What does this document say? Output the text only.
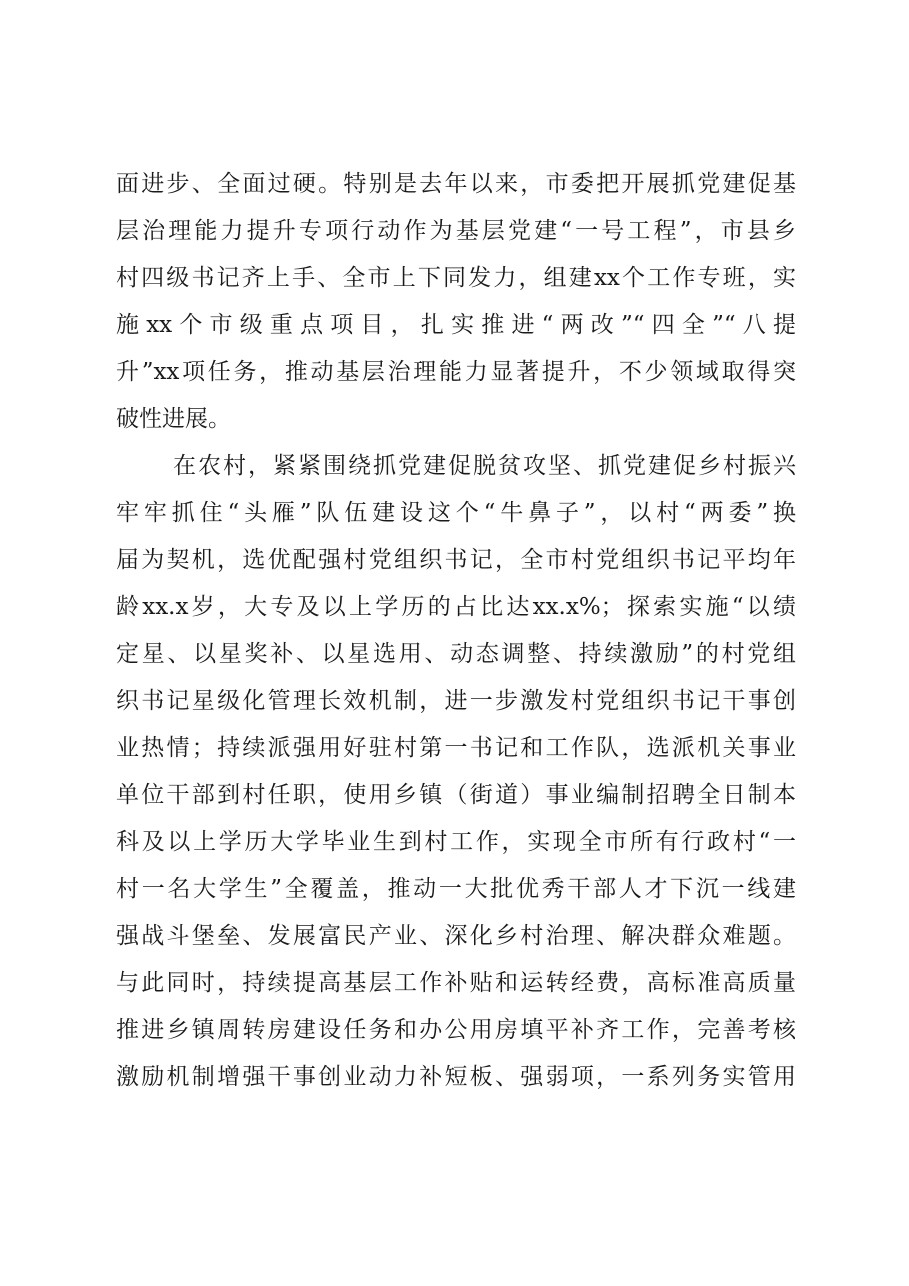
面进步、全面过硬。特别是去年以来，市委把开展抓党建促基
层治理能力提升专项行动作为基层党建“一号工程”，市县乡
村四级书记齐上手、全市上下同发力，组建xx个工作专班，实
施xx个市级重点项目，扎实推进“两改”“四全”“八提
升”xx项任务，推动基层治理能力显著提升，不少领域取得突
破性进展。
在农村，紧紧围绕抓党建促脱贫攻坚、抓党建促乡村振兴
牢牢抓住“头雁”队伍建设这个“牛鼻子”，以村“两委”换
届为契机，选优配强村党组织书记，全市村党组织书记平均年
龄xx.x岁，大专及以上学历的占比达xx.x%；探索实施“以绩
定星、以星奖补、以星选用、动态调整、持续激励”的村党组
织书记星级化管理长效机制，进一步激发村党组织书记干事创
业热情；持续派强用好驻村第一书记和工作队，选派机关事业
单位干部到村任职，使用乡镇（街道）事业编制招聘全日制本
科及以上学历大学毕业生到村工作，实现全市所有行政村“一
村一名大学生”全覆盖，推动一大批优秀干部人才下沉一线建
强战斗堡垒、发展富民产业、深化乡村治理、解决群众难题。
与此同时，持续提高基层工作补贴和运转经费，高标准高质量
推进乡镇周转房建设任务和办公用房填平补齐工作，完善考核
激励机制增强干事创业动力补短板、强弱项，一系列务实管用
